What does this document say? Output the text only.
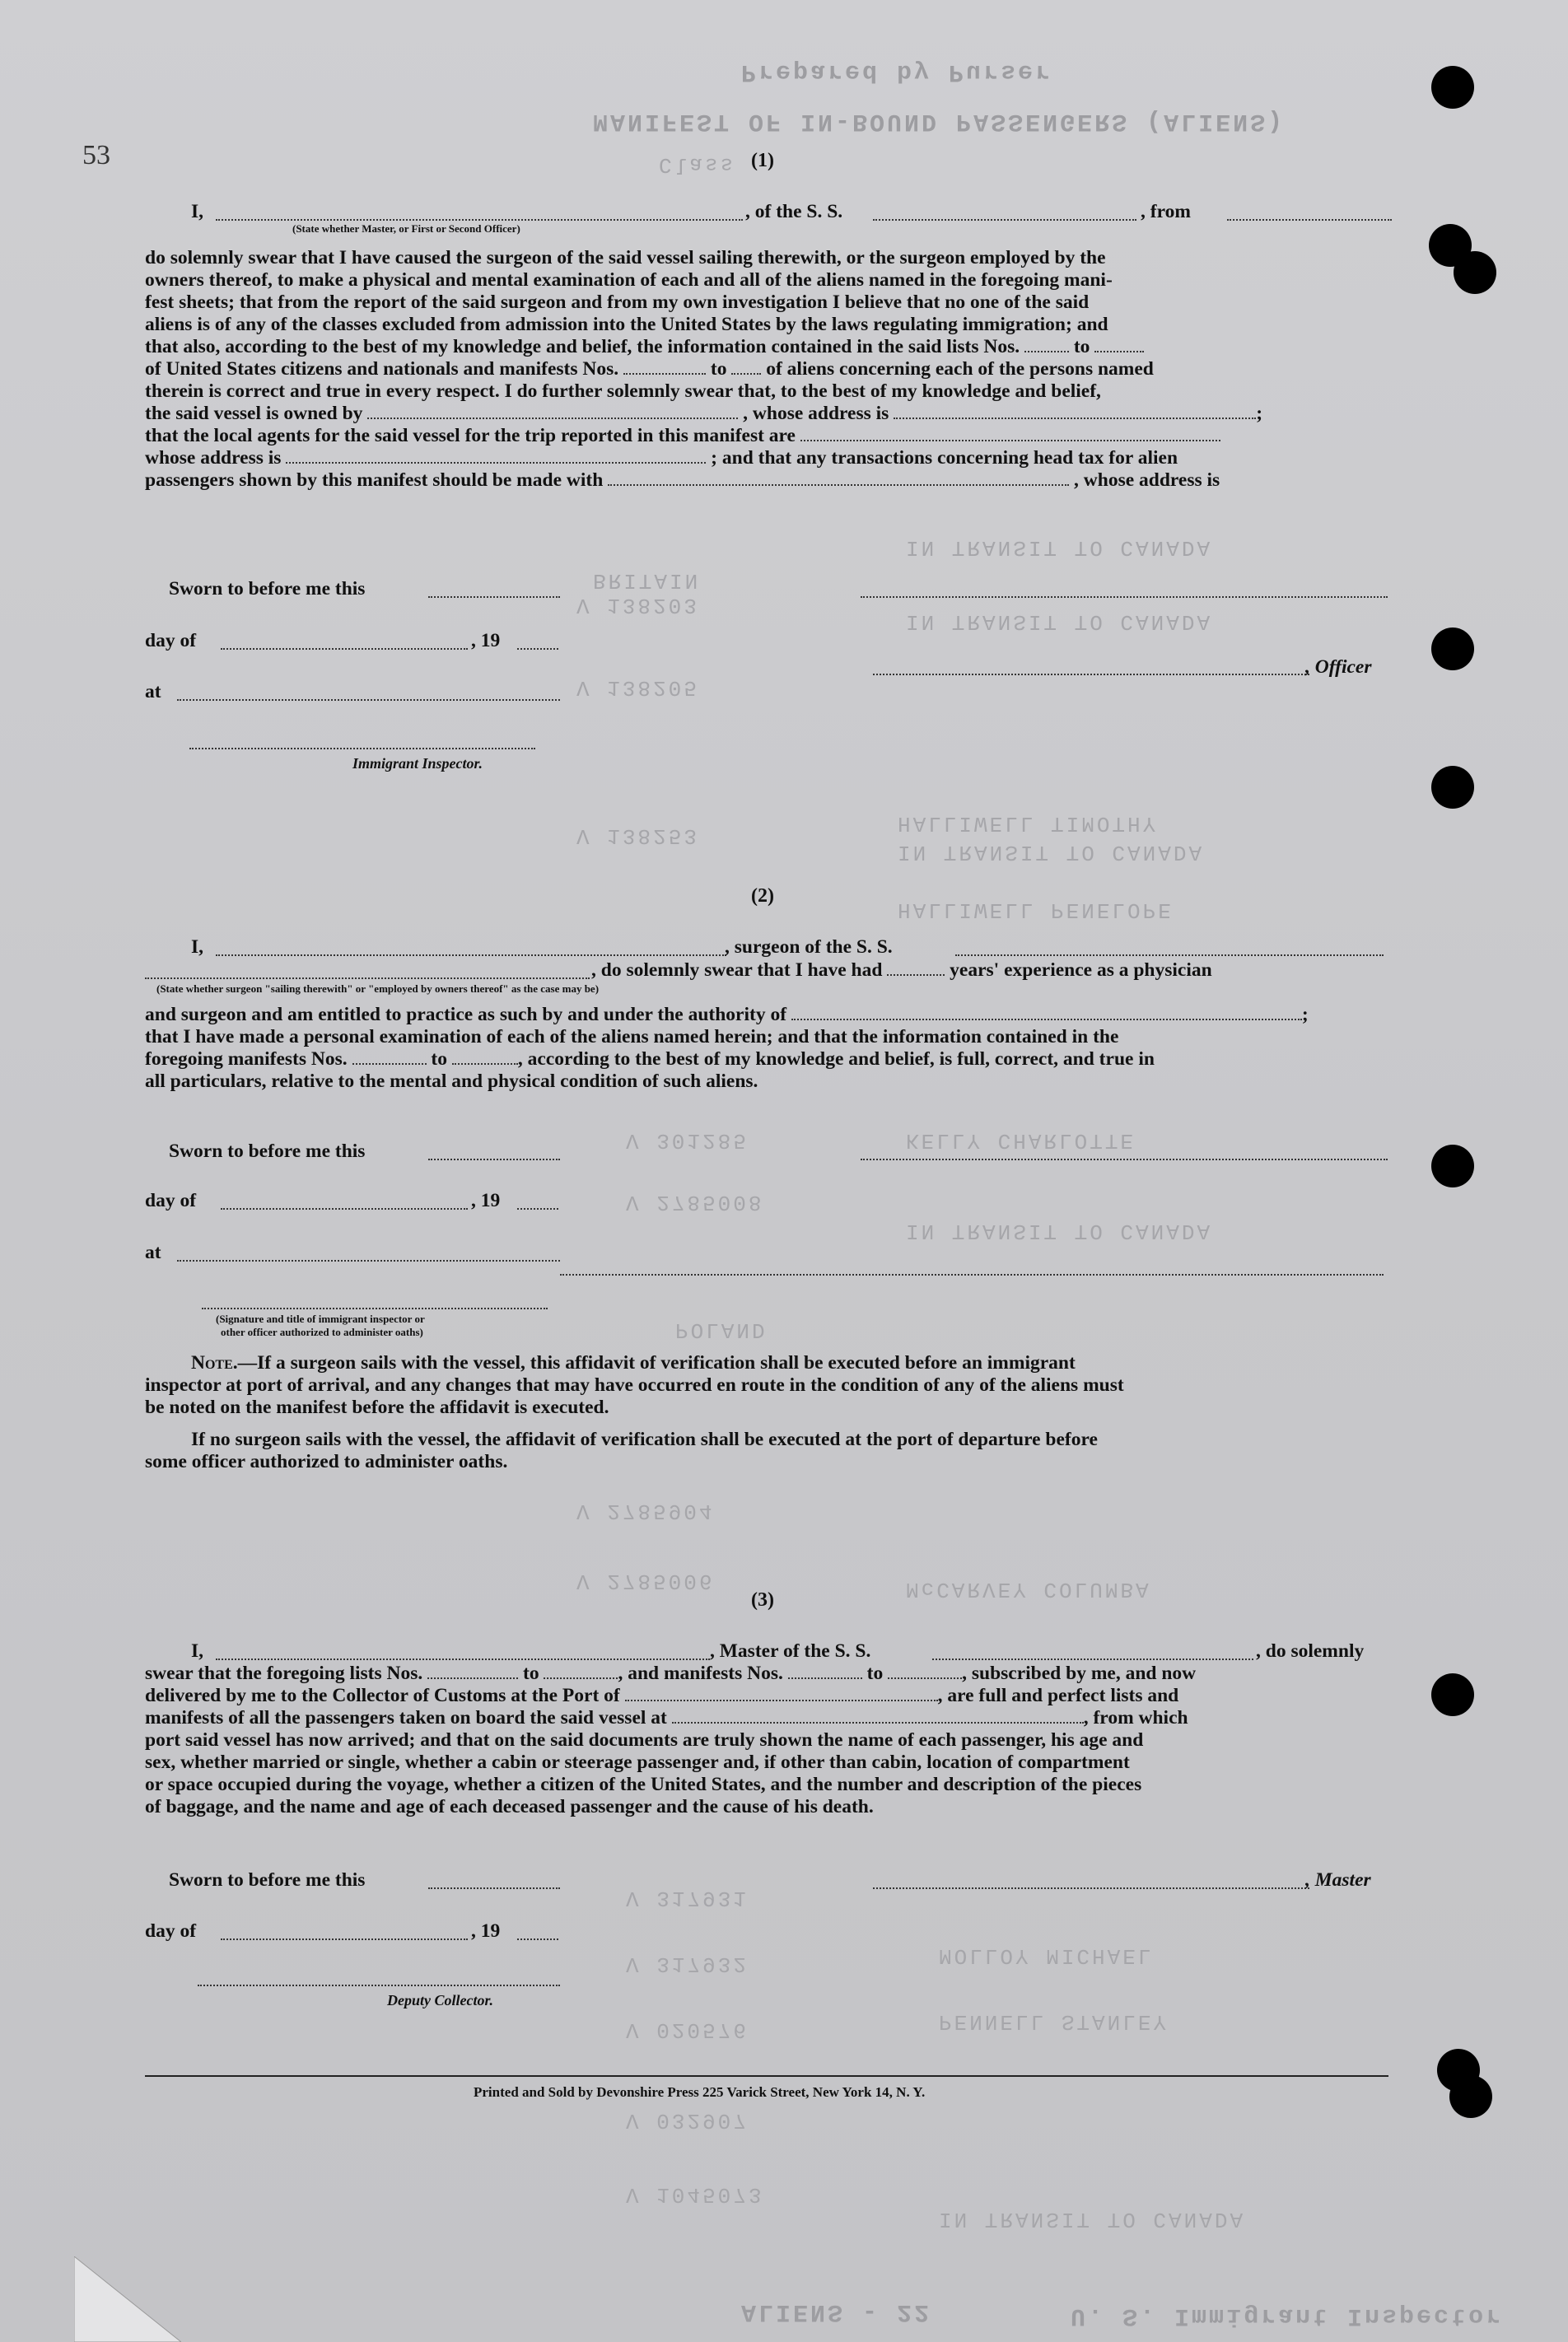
Prepared by Purser
MANIFEST OF IN-BOUND PASSENGERS (ALIENS)
Class
IN TRANSIT TO CANADA
BRITAIN
V 138203
IN TRANSIT TO CANADA
V 138205
HALLIWELL TIMOTHY
IN TRANSIT TO CANADA
V 138253
HALLIWELL PENELOPE
V 301285	KELLY CHARLOTTE
IN TRANSIT TO CANADA
V 2785008
POLAND
V 2785904
V 2785006	McCARVEY COLUMBA
V 317931
V 317932	MOLLOY MICHAEL
V 020576	PENNELL STANLEY
V 032907
V 1045073
IN TRANSIT TO CANADA
ALIENS - 22	U. S. Immigrant Inspector
53	(1)
I,	, of the S. S.	, from
(State whether Master, or First or Second Officer)
do solemnly swear that I have caused the surgeon of the said vessel sailing therewith, or the surgeon employed by the
owners thereof, to make a physical and mental examination of each and all of the aliens named in the foregoing mani-
fest sheets; that from the report of the said surgeon and from my own investigation I believe that no one of the said
aliens is of any of the classes excluded from admission into the United States by the laws regulating immigration; and
that also, according to the best of my knowledge and belief, the information contained in the said lists Nos.	to
of United States citizens and nationals and manifests Nos.	to of aliens concerning each of the persons named
therein is correct and true in every respect. I do further solemnly swear that, to the best of my knowledge and belief,
the said vessel is owned by	, whose address is	;
that the local agents for the said vessel for the trip reported in this manifest are
whose address is	; and that any transactions concerning head tax for alien
passengers shown by this manifest should be made with	, whose address is
Sworn to before me this
day of	, 19
, Officer
at
Immigrant Inspector.
(2)
I,	, surgeon of the S. S.
, do solemnly swear that I have had	years' experience as a physician
(State whether surgeon "sailing therewith" or "employed by owners thereof" as the case may be)
and surgeon and am entitled to practice as such by and under the authority of	;
that I have made a personal examination of each of the aliens named herein; and that the information contained in the
foregoing manifests Nos.	to	, according to the best of my knowledge and belief, is full, correct, and true in
all particulars, relative to the mental and physical condition of such aliens.
Sworn to before me this
day of	, 19
at
(Signature and title of immigrant inspector or
other officer authorized to administer oaths)
Note.—If a surgeon sails with the vessel, this affidavit of verification shall be executed before an immigrant
inspector at port of arrival, and any changes that may have occurred en route in the condition of any of the aliens must
be noted on the manifest before the affidavit is executed.
If no surgeon sails with the vessel, the affidavit of verification shall be executed at the port of departure before
some officer authorized to administer oaths.
(3)
I,	, Master of the S. S.	, do solemnly
swear that the foregoing lists Nos.	to	, and manifests Nos.	to	, subscribed by me, and now
delivered by me to the Collector of Customs at the Port of	, are full and perfect lists and
manifests of all the passengers taken on board the said vessel at	, from which
port said vessel has now arrived; and that on the said documents are truly shown the name of each passenger, his age and
sex, whether married or single, whether a cabin or steerage passenger and, if other than cabin, location of compartment
or space occupied during the voyage, whether a citizen of the United States, and the number and description of the pieces
of baggage, and the name and age of each deceased passenger and the cause of his death.
Sworn to before me this	, Master
day of	, 19
Deputy Collector.
Printed and Sold by Devonshire Press 225 Varick Street, New York 14, N. Y.
